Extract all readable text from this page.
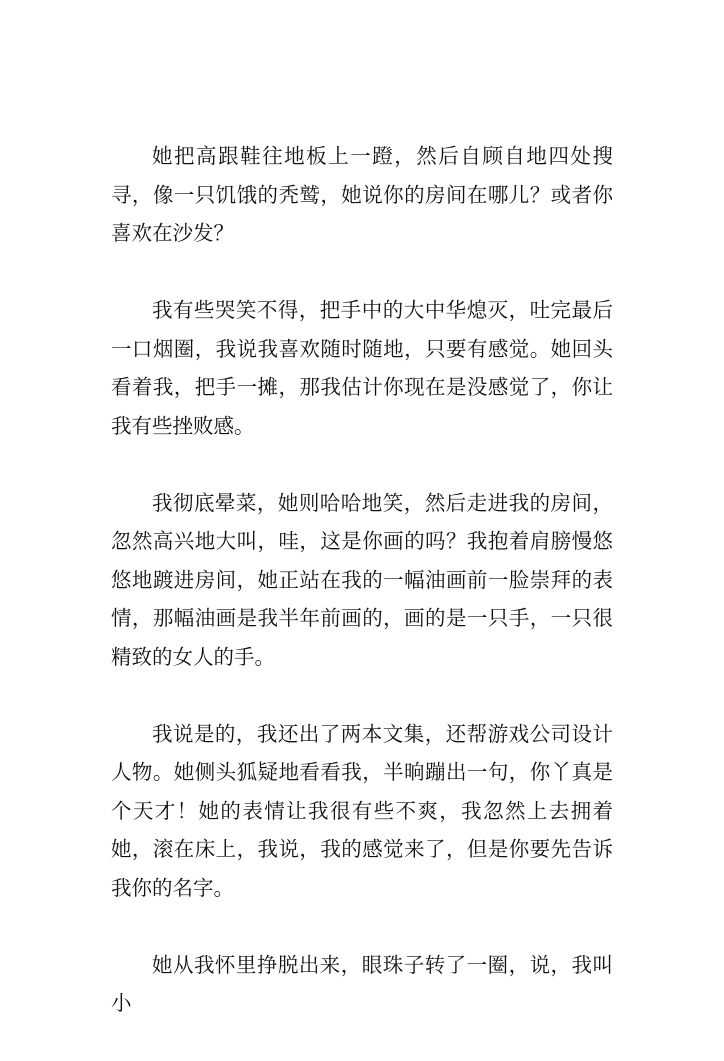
她把高跟鞋往地板上一蹬，然后自顾自地四处搜寻，像一只饥饿的秃鹫，她说你的房间在哪儿？或者你喜欢在沙发？

我有些哭笑不得，把手中的大中华熄灭，吐完最后一口烟圈，我说我喜欢随时随地，只要有感觉。她回头看着我，把手一摊，那我估计你现在是没感觉了，你让我有些挫败感。

我彻底晕菜，她则哈哈地笑，然后走进我的房间，忽然高兴地大叫，哇，这是你画的吗？我抱着肩膀慢悠悠地踱进房间，她正站在我的一幅油画前一脸崇拜的表情，那幅油画是我半年前画的，画的是一只手，一只很精致的女人的手。

我说是的，我还出了两本文集，还帮游戏公司设计人物。她侧头狐疑地看看我，半晌蹦出一句，你丫真是个天才！她的表情让我很有些不爽，我忽然上去拥着她，滚在床上，我说，我的感觉来了，但是你要先告诉我你的名字。

她从我怀里挣脱出来，眼珠子转了一圈，说，我叫小
